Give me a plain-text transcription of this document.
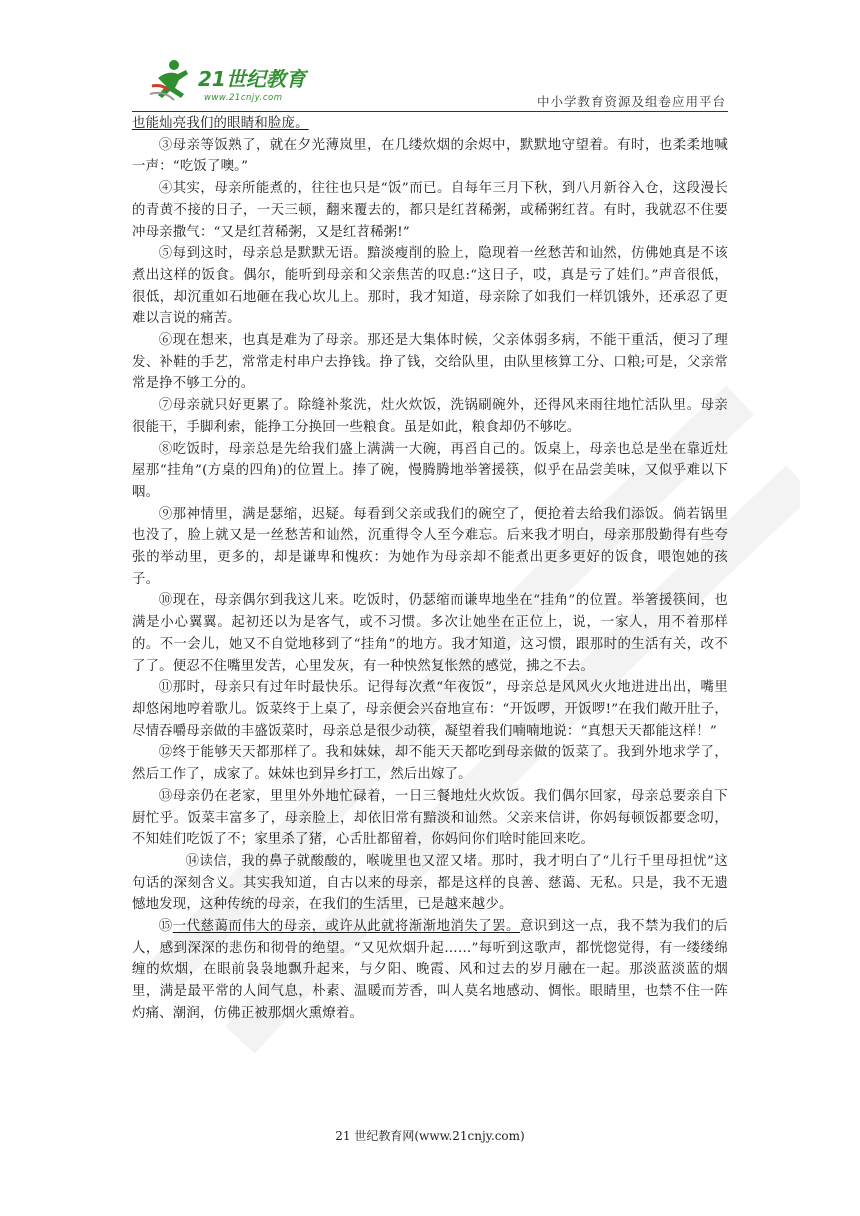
21世纪教育
www.21cnjy.com	中小学教育资源及组卷应用平台

也能灿亮我们的眼睛和脸庞。

③母亲等饭熟了，就在夕光薄岚里，在几缕炊烟的余烬中，默默地守望着。有时，也柔柔地喊一声：“吃饭了噢。”

④其实，母亲所能煮的，往往也只是“饭”而已。自每年三月下秋，到八月新谷入仓，这段漫长的青黄不接的日子，一天三顿，翻来覆去的，都只是红苕稀粥，或稀粥红苕。有时，我就忍不住要冲母亲撒气：“又是红苕稀粥，又是红苕稀粥!”

⑤每到这时，母亲总是默默无语。黯淡瘦削的脸上，隐现着一丝愁苦和讪然，仿佛她真是不该煮出这样的饭食。偶尔，能听到母亲和父亲焦苦的叹息:“这日子，哎，真是亏了娃们。”声音很低，很低，却沉重如石地砸在我心坎儿上。那时，我才知道，母亲除了如我们一样饥饿外，还承忍了更难以言说的痛苦。

⑥现在想来，也真是难为了母亲。那还是大集体时候，父亲体弱多病，不能干重活，便习了理发、补鞋的手艺，常常走村串户去挣钱。挣了钱，交给队里，由队里核算工分、口粮;可是，父亲常常是挣不够工分的。

⑦母亲就只好更累了。除缝补浆洗，灶火炊饭，洗锅刷碗外，还得风来雨往地忙活队里。母亲很能干，手脚利索，能挣工分换回一些粮食。虽是如此，粮食却仍不够吃。

⑧吃饭时，母亲总是先给我们盛上满满一大碗，再舀自己的。饭桌上，母亲也总是坐在靠近灶屋那“挂角”(方桌的四角)的位置上。捧了碗，慢腾腾地举箸援筷，似乎在品尝美味，又似乎难以下咽。

⑨那神情里，满是瑟缩，迟疑。每看到父亲或我们的碗空了，便抢着去给我们添饭。倘若锅里也没了，脸上就又是一丝愁苦和讪然，沉重得令人至今难忘。后来我才明白，母亲那殷勤得有些夸张的举动里，更多的，却是谦卑和愧疚：为她作为母亲却不能煮出更多更好的饭食，喂饱她的孩子。

⑩现在，母亲偶尔到我这儿来。吃饭时，仍瑟缩而谦卑地坐在“挂角”的位置。举箸援筷间，也满是小心翼翼。起初还以为是客气，或不习惯。多次让她坐在正位上，说，一家人，用不着那样的。不一会儿，她又不自觉地移到了“挂角”的地方。我才知道，这习惯，跟那时的生活有关，改不了了。便忍不住嘴里发苦，心里发灰，有一种怏然复怅然的感觉，拂之不去。

⑪那时，母亲只有过年时最快乐。记得每次煮“年夜饭”，母亲总是风风火火地进进出出，嘴里却悠闲地哼着歌儿。饭菜终于上桌了，母亲便会兴奋地宣布：“开饭啰，开饭啰!”在我们敞开肚子，尽情吞嚼母亲做的丰盛饭菜时，母亲总是很少动筷，凝望着我们喃喃地说：“真想天天都能这样！”

⑫终于能够天天都那样了。我和妹妹，却不能天天都吃到母亲做的饭菜了。我到外地求学了，然后工作了，成家了。妹妹也到异乡打工，然后出嫁了。

⑬母亲仍在老家，里里外外地忙碌着，一日三餐地灶火炊饭。我们偶尔回家，母亲总要亲自下厨忙乎。饭菜丰富多了，母亲脸上，却依旧常有黯淡和讪然。父亲来信讲，你妈每顿饭都要念叨，不知娃们吃饭了不；家里杀了猪，心舌肚都留着，你妈问你们啥时能回来吃。

⑭读信，我的鼻子就酸酸的，喉咙里也又涩又堵。那时，我才明白了“儿行千里母担忧”这句话的深刻含义。其实我知道，自古以来的母亲，都是这样的良善、慈蔼、无私。只是，我不无遗憾地发现，这种传统的母亲，在我们的生活里，已是越来越少。

⑮一代慈蔼而伟大的母亲，或许从此就将渐渐地消失了罢。意识到这一点，我不禁为我们的后人，感到深深的悲伤和彻骨的绝望。“又见炊烟升起……”每听到这歌声，都恍惚觉得，有一缕缕绵缠的炊烟，在眼前袅袅地飘升起来，与夕阳、晚霞、风和过去的岁月融在一起。那淡蓝淡蓝的烟里，满是最平常的人间气息，朴素、温暖而芳香，叫人莫名地感动、惆怅。眼睛里，也禁不住一阵灼痛、潮润，仿佛正被那烟火熏燎着。

21 世纪教育网(www.21cnjy.com)
